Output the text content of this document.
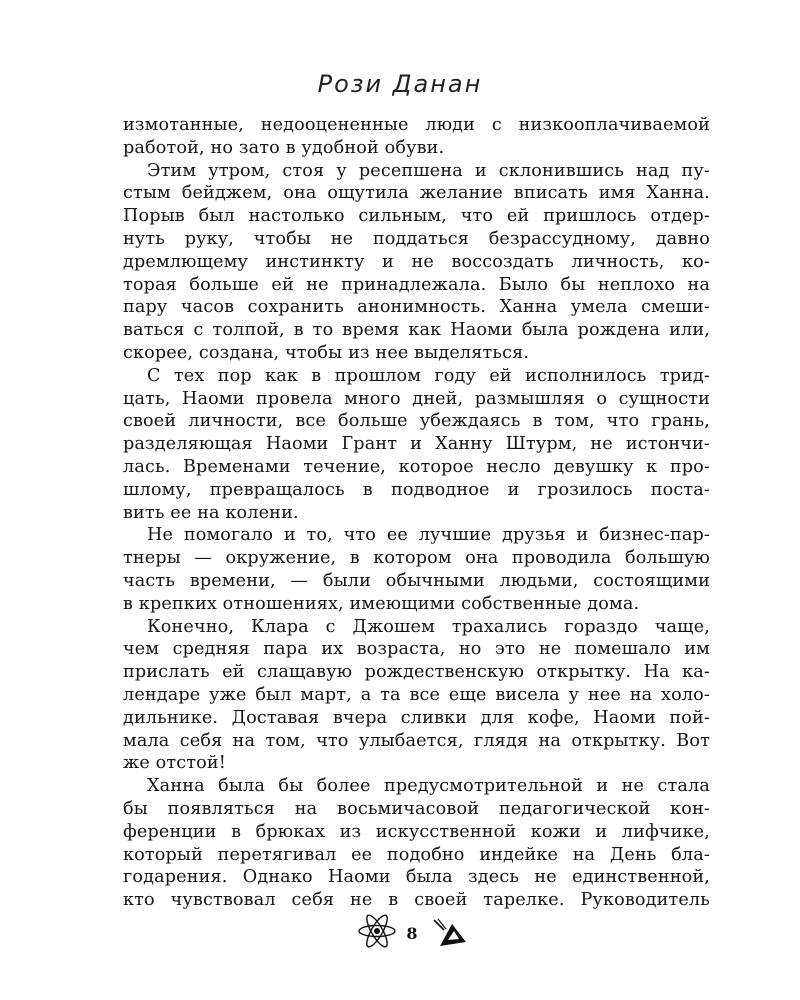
Рози Данан
измотанные, недооцененные люди с низкооплачиваемой
работой, но зато в удобной обуви.
Этим утром, стоя у ресепшена и склонившись над пу-
стым бейджем, она ощутила желание вписать имя Ханна.
Порыв был настолько сильным, что ей пришлось отдер-
нуть руку, чтобы не поддаться безрассудному, давно
дремлющему инстинкту и не воссоздать личность, ко-
торая больше ей не принадлежала. Было бы неплохо на
пару часов сохранить анонимность. Ханна умела смеши-
ваться с толпой, в то время как Наоми была рождена или,
скорее, создана, чтобы из нее выделяться.
С тех пор как в прошлом году ей исполнилось трид-
цать, Наоми провела много дней, размышляя о сущности
своей личности, все больше убеждаясь в том, что грань,
разделяющая Наоми Грант и Ханну Штурм, не истончи-
лась. Временами течение, которое несло девушку к про-
шлому, превращалось в подводное и грозилось поста-
вить ее на колени.
Не помогало и то, что ее лучшие друзья и бизнес-пар-
тнеры — окружение, в котором она проводила большую
часть времени, — были обычными людьми, состоящими
в крепких отношениях, имеющими собственные дома.
Конечно, Клара с Джошем трахались гораздо чаще,
чем средняя пара их возраста, но это не помешало им
прислать ей слащавую рождественскую открытку. На ка-
лендаре уже был март, а та все еще висела у нее на холо-
дильнике. Доставая вчера сливки для кофе, Наоми пой-
мала себя на том, что улыбается, глядя на открытку. Вот
же отстой!
Ханна была бы более предусмотрительной и не стала
бы появляться на восьмичасовой педагогической кон-
ференции в брюках из искусственной кожи и лифчике,
который перетягивал ее подобно индейке на День бла-
годарения. Однако Наоми была здесь не единственной,
кто чувствовал себя не в своей тарелке. Руководитель
8
